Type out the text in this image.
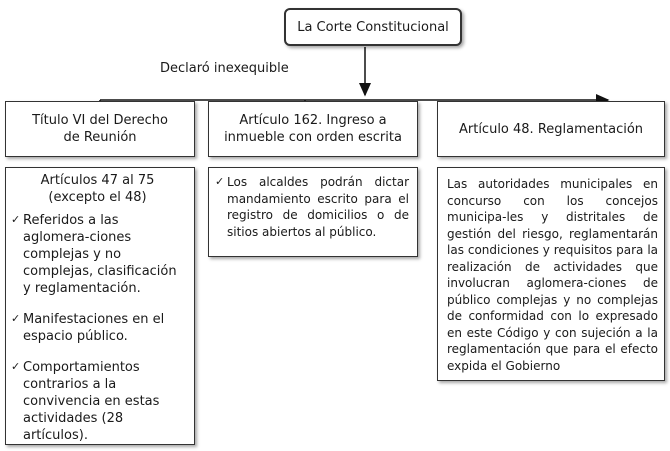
La Corte Constitucional
Declaró inexequible
Título VI del Derecho de Reunión
Artículo 162. Ingreso a inmueble con orden escrita
Artículo 48. Reglamentación
Artículos 47 al 75
(excepto el 48)
✓ Referidos a las aglomera-ciones complejas y no complejas, clasificación y reglamentación.
✓ Manifestaciones en el espacio público.
✓ Comportamientos contrarios a la convivencia en estas actividades (28 artículos).
✓ Los alcaldes podrán dictar mandamiento escrito para el registro de domicilios o de sitios abiertos al público.
Las autoridades municipales en concurso con los concejos municipa-les y distritales de gestión del riesgo, reglamentarán las condiciones y requisitos para la realización de actividades que involucran aglomera-ciones de público complejas y no complejas de conformidad con lo expresado en este Código y con sujeción a la reglamentación que para el efecto expida el Gobierno
